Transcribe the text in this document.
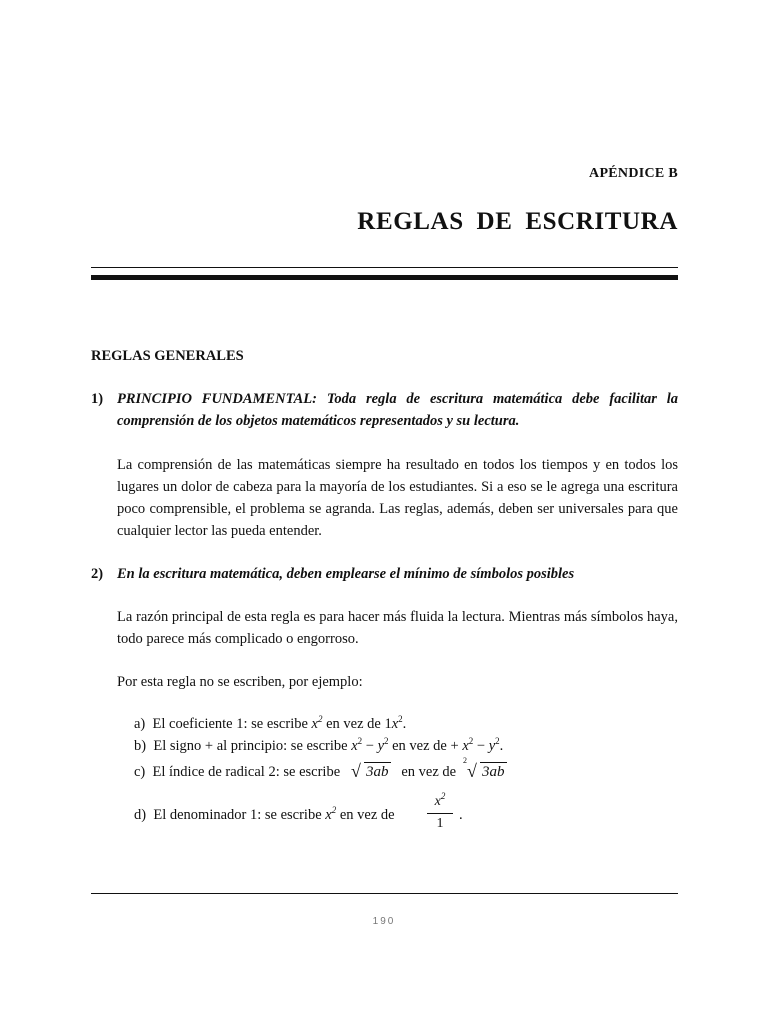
APÉNDICE B
REGLAS DE ESCRITURA
REGLAS GENERALES
1) PRINCIPIO FUNDAMENTAL: Toda regla de escritura matemática debe facilitar la comprensión de los objetos matemáticos representados y su lectura.
La comprensión de las matemáticas siempre ha resultado en todos los tiempos y en todos los lugares un dolor de cabeza para la mayoría de los estudiantes. Si a eso se le agrega una escritura poco comprensible, el problema se agranda. Las reglas, además, deben ser universales para que cualquier lector las pueda entender.
2) En la escritura matemática, deben emplearse el mínimo de símbolos posibles
La razón principal de esta regla es para hacer más fluida la lectura. Mientras más símbolos haya, todo parece más complicado o engorroso.
Por esta regla no se escriben, por ejemplo:
a) El coeficiente 1: se escribe $x^2$ en vez de $1x^2$.
b) El signo + al principio: se escribe $x^2 - y^2$ en vez de + $x^2 - y^2$.
c) El índice de radical 2: se escribe √ 3ab en vez de
2
√ 3ab
d) El denominador 1: se escribe $x^2$ en vez de
$x^2$
1
.
190
